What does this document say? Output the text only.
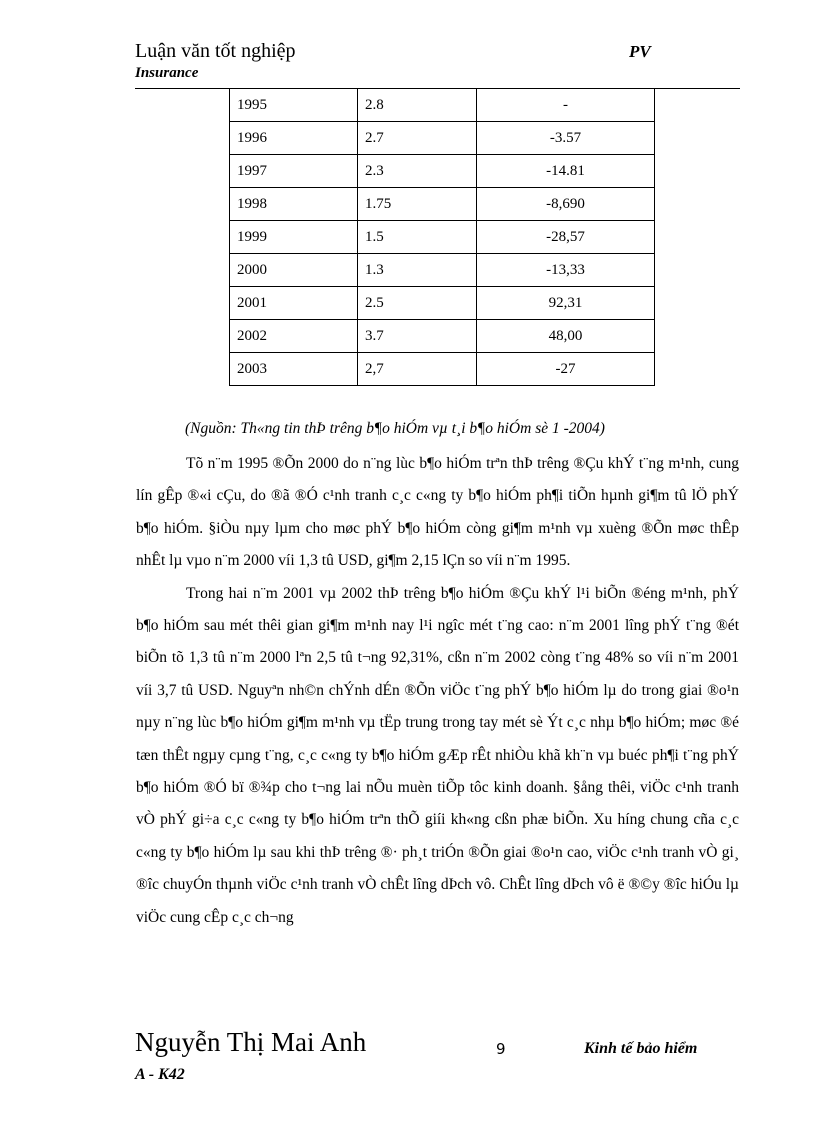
Luận văn tốt nghiệp
Insurance
PV
1995	2.8	-
1996	2.7	-3.57
1997	2.3	-14.81
1998	1.75	-8,690
1999	1.5	-28,57
2000	1.3	-13,33
2001	2.5	92,31
2002	3.7	48,00
2003	2,7	-27
(Nguồn: Th«ng tin thÞ trêng b¶o hiÓm vµ t¸i b¶o hiÓm sè 1 -2004)

Tõ n¨m 1995 ®Õn 2000 do n¨ng lùc b¶o hiÓm trªn thÞ trêng ®Çu khÝ t¨ng m¹nh, cung lín gÊp ®«i cÇu, do ®ã ®Ó c¹nh tranh c¸c c«ng ty b¶o hiÓm ph¶i tiÕn hµnh gi¶m tû lÖ phÝ b¶o hiÓm. §iÒu nµy lµm cho møc phÝ b¶o hiÓm còng gi¶m m¹nh vµ xuèng ®Õn møc thÊp nhÊt lµ vµo n¨m 2000 víi 1,3 tû USD, gi¶m 2,15 lÇn so víi n¨m 1995.

Trong hai n¨m 2001 vµ 2002 thÞ trêng b¶o hiÓm ®Çu khÝ l¹i biÕn ®éng m¹nh, phÝ b¶o hiÓm sau mét thêi gian gi¶m m¹nh nay l¹i ngîc mét t¨ng cao: n¨m 2001 lîng phÝ t¨ng ®ét biÕn tõ 1,3 tû n¨m 2000 lªn 2,5 tû t¬ng 92,31%, cßn n¨m 2002 còng t¨ng 48% so víi n¨m 2001 víi 3,7 tû USD. Nguyªn nh©n chÝnh dÉn ®Õn viÖc t¨ng phÝ b¶o hiÓm lµ do trong giai ®o¹n nµy n¨ng lùc b¶o hiÓm gi¶m m¹nh vµ tËp trung trong tay mét sè Ýt c¸c nhµ b¶o hiÓm; møc ®é tæn thÊt ngµy cµng t¨ng, c¸c c«ng ty b¶o hiÓm gÆp rÊt nhiÒu khã kh¨n vµ buéc ph¶i t¨ng phÝ b¶o hiÓm ®Ó bï ®¾p cho t¬ng lai nÕu muèn tiÕp tôc kinh doanh. §ång thêi, viÖc c¹nh tranh vÒ phÝ gi÷a c¸c c«ng ty b¶o hiÓm trªn thÕ giíi kh«ng cßn phæ biÕn. Xu híng chung cña c¸c c«ng ty b¶o hiÓm lµ sau khi thÞ trêng ®· ph¸t triÓn ®Õn giai ®o¹n cao, viÖc c¹nh tranh vÒ gi¸ ®îc chuyÓn thµnh viÖc c¹nh tranh vÒ chÊt lîng dÞch vô. ChÊt lîng dÞch vô ë ®©y ®îc hiÓu lµ viÖc cung cÊp c¸c ch¬ng

Nguyễn Thị Mai Anh	9	Kinh tế bảo hiểm
A - K42
